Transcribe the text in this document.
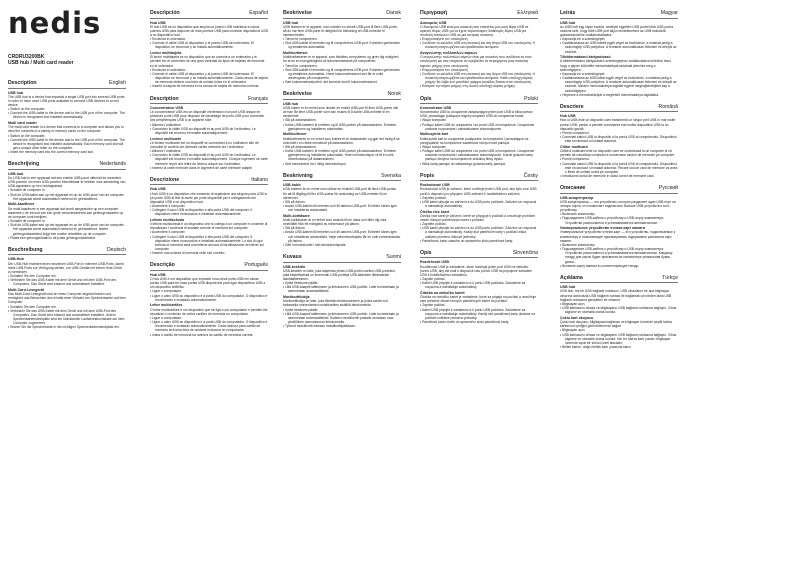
nedis
CRDRU3200BK
USB hub / Multi card reader
Description	English
USB hub

The USB hub is a device that expands a single USB port into several USB ports in order to have more USB ports available to connect USB devices to a host device.

• Switch on the computer.
• Connect the USB cable to the device and to the USB port of the computer. The device is recognised and installed automatically.
Multi card reader

The multi card reader is a device that connects to a computer and allows you to view the contents of a variety of memory cards on the computer.

• Switch on the computer.
• Connect the USB cable to the device and to the USB port of the computer. The device is recognised and installed automatically. Each memory card slot will get a unique drive letter on the computer.
• Insert the memory card into the correct memory card slot.
Beschrijving	Nederlands
USB-hub

De USB-hub is een apparaat dat een enkele USB-poort uitbreidt tot meerdere USB-poorten om meer USB-poorten beschikbaar te hebben voor aansluiting van USB-apparaten op een hostapparaat.

• Schakel de computer in.
• Sluit de USB-kabel aan op het apparaat en op de USB-poort van de computer. Het apparaat wordt automatisch herkend en geïnstalleerd.
Multi-kaartlezer

De multi-kaartlezer is een apparaat dat wordt aangesloten op een computer waarmee u de inhoud van een grote verscheidenheid aan geheugenkaarten op de computer kunt bekijken.

• Schakel de computer in.
• Sluit de USB-kabel aan op het apparaat en op de USB-poort van de computer. Het apparaat wordt automatisch herkend en geïnstalleerd. Iedere geheugenkaartsleuf krijgt een unieke driveletter op de computer.
• Plaats een geheugenkaart in de juiste geheugenkaartsleuf.
Beschreibung	Deutsch
USB-Hub

Der USB-Hub erweitert einen einzelnen USB-Port in mehrere USB-Ports, damit mehr USB-Ports zur Verfügung stehen, um USB-Geräte mit einem Host-Gerät zu verbinden.

• Schalten Sie den Computer ein.
• Verbinden Sie das USB-Kabel mit dem Gerät und mit dem USB-Port des Computers. Das Gerät wird erkannt und automatisch installiert.
Multi-Card-Lesegerät

Das Multi-Card-Lesegerät wird an einen Computer angeschlossen und ermöglicht das Betrachten des Inhalts einer Vielzahl von Speicherkarten auf dem Computer.

• Schalten Sie den Computer ein.
• Verbinden Sie das USB-Kabel mit dem Gerät und mit dem USB-Port des Computers. Das Gerät wird erkannt und automatisch installiert. Jedem Speicherkartensteckplatz wird ein individueller Laufwerksbuchstabe auf dem Computer zugeordnet.
• Setzen Sie die Speicherkarte in den richtigen Speicherkartensteckplatz ein.
Descripción	Español
Hub USB

El hub USB es un dispositivo que amplía un puerto USB individual a varios puertos USB para disponer de más puertos USB para conectar dispositivos USB a un dispositivo host.

• Encienda el ordenador.
• Conecte el cable USB al dispositivo y al puerto USB del ordenador. El dispositivo se reconoce y se instala automáticamente.
Lector multitarjeta

El lector multitarjeta es un dispositivo que se conecta a un ordenador y le permite ver el contenido de una gran variedad de tipos de tarjetas de memoria en el ordenador.

• Encienda el ordenador.
• Conecte el cable USB al dispositivo y al puerto USB del ordenador. El dispositivo se reconoce y se instala automáticamente. Cada ranura de tarjeta de memoria obtiene una letra de unidad única en el ordenador.
• Inserte la tarjeta de memoria en la ranura de tarjeta de memoria correcta.
Description	Français
Concentrateur USB

Le concentrateur USB est un dispositif d'extension d'un port USB unique en plusieurs ports USB pour disposer de davantage de ports USB pour connecter des périphériques USB à un appareil hôte.

• Allumez l'ordinateur.
• Connectez le câble USB au dispositif et au port USB de l'ordinateur. Le dispositif est reconnu et installé automatiquement.
Lecteur multicarte

Le lecteur multicarte est un dispositif se connectant à un ordinateur afin de consulter le contenu de diverses cartes mémoire sur l'ordinateur.

• Allumez l'ordinateur.
• Connectez le câble USB au dispositif et au port USB de l'ordinateur. Le dispositif est reconnu et installé automatiquement. Chaque logement de carte mémoire reçoit une lettre de lecteur unique sur l'ordinateur.
• Insérez la carte mémoire dans le logement de carte mémoire adapté.
Descrizione	Italiano
Hub USB

L'hub USB è un dispositivo che consente di espandere una singola porta USB in più porte USB al fine di avere più porte disponibili per il collegamento dei dispositivi USB a un dispositivo host.

• Accendere il computer.
• Collegare il cavo USB al dispositivo e alla porta USB del computer. Il dispositivo viene riconosciuto e installato automaticamente.
Lettore multischeda

Il lettore multischeda è un dispositivo che si collega a un computer e consente di visualizzare i contenuti di svariate schede di memoria sul computer.

• Accendere il computer.
• Collegare il cavo USB al dispositivo e alla porta USB del computer. Il dispositivo viene riconosciuto e installato automaticamente. Lo slot di ogni scheda di memoria avrà una lettera univoca di identificazione del driver sul computer.
• Inserire una scheda di memoria nello slot corretto.
Descrição	Português
Hub USB

O hub USB é um dispositivo que expande uma única porta USB em várias portas USB para ter mais portas USB disponíveis para ligar dispositivos USB a um dispositivo anfitrião.

• Ligue o computador.
• Ligue o cabo USB ao dispositivo e à porta USB do computador. O dispositivo é reconhecido e instalado automaticamente.
Leitor multicartões

O leitor multicartões é um dispositivo que se liga a um computador e permite-lhe visualizar o conteúdo de vários cartões de memória no computador.

• Ligue o computador.
• Ligue o cabo USB ao dispositivo e à porta USB do computador. O dispositivo é reconhecido e instalado automaticamente. Cada ranhura para cartão de memória terá uma letra de unidade exclusiva no computador.
• Insira o cartão de memória na ranhura do cartão de memória correta.
Beskrivelse	Dansk
USB hub

USB hubben er et apparat, som udvider en enkelt USB-port til flere USB-porte, så du har flere USB-porte til rådighed for tilslutning af USB-enheder til værtsenheden.

• Tænd for computeren.
• Slut USB-kablet til enheden og til computerens USB-port. Enheden genkendes og installeres automatisk.
Multikortlæser

Multikortlæseren er et apparat, som tilsluttes computeren og giver dig mulighed for at se en mangfoldighed af hukommelseskort på computeren.

• Tænd for computeren.
• Slut USB-kablet til enheden og til computerens USB-port. Enheden genkendes og installeres automatisk. Hvert hukommelseskort slot får et unikt drevbogstav på computeren.
• Sæt hukommelseskortet i det korrekte slot til hukommelseskort.
Beskrivelse	Norsk
USB hub

USB-huben er en enhet som utvider en enkelt USB-port til flere USB-porter slik at man får flere USB-porter som kan brukes til å koble USB-enheter til en vertsenhet.

• Slå på datamaskinen.
• Koble USB-kabelen til enheten og til USB-porten på datamaskinen. Enheten gjenkjennes og installeres automatisk.
Multikortleser

Multikortleseren er en enhet som kobles til en datamaskin og gjør det mulig å se innholdet i en rekke minnekort på datamaskinen.

• Slå på datamaskinen.
• Koble USB-kabelen til enheten og til USB-porten på datamaskinen. Enheten gjenkjennes og installeres automatisk. Hvert minnekortspor vil få en unik driverbokstav på datamaskinen.
• Sett minnekortet inn i riktig minnekortspor.
Beskrivning	Svenska
USB-hubb

USB-hubben är en enhet som utökar en enskild USB-port till flera USB-portar, för att få tillgång till fler USB-portar för anslutning av USB-enheter till en värdenhet.

• Slå på datorn.
• Anslut USB-kabeln till enheten och till datorns USB-port. Enheten känns igen och installeras automatiskt.
Multi-kortläsare

Multi-kortläsaren är en enhet som ansluts till en dator och låter dig visa innehållet från ett mångfald av minneskort på datorn.

• Slå på datorn.
• Anslut USB-kabeln till enheten och till datorns USB-port. Enheten känns igen och installeras automatiskt. Varje minneskortsplats får en unik enhetsbokstav på datorn.
• Sätt i minneskortet i rätt minneskortsplats.
Kuvaus	Suomi
USB-keskitin

USB-keskitin on laite, joka laajentaa yhden USB-portin useiksi USB-porteiksi, jotta käytettävissä on enemmän USB-portteja USB-laitteiden liittämiseksi isäntälaitteeseen.

• Kytke tietokone päälle.
• Liitä USB-kaapeli laitteeseen ja tietokoneen USB-porttiin. Laite tunnistetaan ja asennetaan automaattisesti.
Monikorttilukija

Monikorttilukija on laite, joka liitetään tietokoneeseen ja jonka avulla voit tarkastella monenlaisten muistikorttien sisältöä tietokoneella.

• Kytke tietokone päälle.
• Liitä USB-kaapeli laitteeseen ja tietokoneen USB-porttiin. Laite tunnistetaan ja asennetaan automaattisesti. Kullekin muistikortin paikalle annetaan oma yksilöllinen asematunnus tietokoneella.
• Työnnä muistikortti oikeaan muistikorttipaikkaan.
Περιγραφή	Ελληνικά
Διανομέας USB

Ο διανομέας USB είναι μια συσκευή που επεκτείνει μια μονή θύρα USB σε αρκετές θύρες USB για να έχετε περισσότερες διαθέσιμες θύρες USB για σύνδεση συσκευών USB σε μια κεντρική συσκευή.

• Ενεργοποιήστε τον υπολογιστή.
• Συνδέστε το καλώδιο USB στη συσκευή και στη θύρα USB του υπολογιστή. Η συσκευή αναγνωρίζεται και εγκαθίσταται αυτόματα.
Αναγνώστης πολλαπλών καρτών

Ο αναγνώστης πολλαπλών καρτών είναι μια συσκευή που συνδέεται σε έναν υπολογιστή και σας επιτρέπει να προβάλετε τα περιεχόμενα μιας ποικιλίας καρτών μνήμης στον υπολογιστή.

• Ενεργοποιήστε τον υπολογιστή.
• Συνδέστε το καλώδιο USB στη συσκευή και στη θύρα USB του υπολογιστή. Η συσκευή αναγνωρίζεται και εγκαθίσταται αυτόματα. Κάθε υποδοχή κάρτας μνήμης θα λάβει ένα μοναδικό γράμμα μονάδας δίσκου στον υπολογιστή.
• Εισάγετε την κάρτα μνήμης στη σωστή υποδοχή κάρτας μνήμης.
Opis	Polski
Koncentrator USB

Koncentrator USB to urządzenie zwiększające jeden port USB w kilka portów USB, pozwalając podłączyć więcej urządzeń USB do urządzenia hosta.

• Włącz komputer.
• Podłącz kabel USB do urządzenia i do portu USB w komputerze. Urządzenie zostanie rozpoznane i zainstalowane automatycznie.
Multiczytnik kart

Multiczytnik kart to urządzenie podłączane do komputera i pozwalające na przeglądanie na komputerze zawartości różnych kart pamięci.

• Włącz komputer.
• Podłącz kabel USB do urządzenia i do portu USB w komputerze. Urządzenie zostanie rozpoznane i zainstalowane automatycznie. Każde gniazdo karty pamięci otrzyma na komputerze unikalną literę dysku.
• Włóż kartę pamięci do właściwego gniazda karty pamięci.
Popis	Česky
Rozbočovač USB

Rozbočovač USB je zařízení, které rozšiřuje jeden USB port, aby bylo více USB portů k dispozici pro připojení USB zařízení k hostitelskému zařízení.

• Zapněte počítač.
• USB kabel připojte do zařízení a do USB portu počítače. Zařízení se rozpozná a nainstaluje automaticky.
Čtečka více karet

Čtečka více karet je zařízení, které se připojuje k počítači a umožňuje prohlížet obsah různých paměťových karet v počítači.

• Zapněte počítač.
• USB kabel připojte do zařízení a do USB portu počítače. Zařízení se rozpozná a nainstaluje automaticky. Každý slot paměťové karty v počítači získá unikátní písmeno diskové jednotky.
• Paměťovou kartu zasuňte do správného slotu paměťové karty.
Opis	Slovenčina
Rozdeľovač USB

Rozdeľovač USB je zariadenie, ktoré rozširuje jeden port USB na niekoľko portov USB, aby ste mali k dispozícii viac portov USB na pripojenie zariadení USB k hostiteľskému zariadeniu.

• Zapnite počítač.
• Kábel USB pripojte k zariadeniu a k portu USB počítača. Zariadenie sa rozpozná a nainštaluje automaticky.
Čítačka na niekoľko kariet

Čítačka na niekoľko kariet je zariadenie, ktoré sa pripája na počítač a umožňuje vám prezerať obsah rôznych pamäťových kariet na počítači.

• Zapnite počítač.
• Kábel USB pripojte k zariadeniu a k portu USB počítača. Zariadenie sa rozpozná a nainštaluje automaticky. Každý slot pamäťovej karty dostane na počítači unikátne písmeno jednotky.
• Pamäťovú kartu vložte do správneho slotu pamäťovej karty.
Leírás	Magyar
USB hub

Az USB hub egy olyan eszköz, amellyel egyetlen USB portot több USB portra osztunk szét, hogy több USB port álljon rendelkezésre az USB eszközök gazdaeszközhöz csatlakoztatására.

• Kapcsolja be a számítógépet.
• Csatlakoztassa az USB kábelt egyik végét az eszközhöz, a másikat pedig a számítógép USB portjához. A rendszer automatikusan felismeri és telepíti az eszközt.
Többformátumú kártyaolvasó

A többformátumú kártyaolvasó számítógéphez csatlakoztatva lehetővé teszi, hogy a gépen különféle memóriakártyák tartalmát jelenítse meg a számítógépen.

• Kapcsolja be a számítógépet.
• Csatlakoztassa az USB kábel egyik végét az eszközhöz, a másikat pedig a számítógép USB portjához. A rendszer automatikusan felismeri és telepíti az eszközt. Minden memóriakártya-foglalat egyedi meghajtóbetűjelet kap a számítógépen.
• Helyezze a memóriakártyát a megfelelő memóriakártya-foglalatba.
Descriere	Română
Hub USB

Hub-ul USB este un dispozitiv care transformă un singur port USB în mai multe porturi USB, pentru a permite conectarea mai multor dispozitive USB la un dispozitiv gazdă.

• Porniți computerul.
• Conectați cablul USB la dispozitiv și la portul USB al computerului. Dispozitivul este recunoscut și instalat automat.
Cititor multicard

Cititorul multicard este un dispozitiv care se conectează la un computer și vă permite să vizualizați conținutul a numeroase carduri de memorie pe computer.

• Porniți computerul.
• Conectați cablul USB la dispozitiv și la portul USB al computerului. Dispozitivul este recunoscut și instalat automat. Fiecare slot de card de memorie va avea o literă de unitate unică pe computer.
• Introduceți cardul de memorie în slotul corect de memorie card.
Описание	Русский
USB-концентратор

USB-концентратор — это устройство, которое разделяет один USB-порт на четыре порта, что позволяет подключить больше USB-устройств к хост-устройству.

• Включите компьютер.
• Подсоедините USB-кабель к устройству и USB-порту компьютера. Устройство распознается и устанавливается автоматически.
Универсальное устройство чтения карт памяти

Универсальное устройство чтения карт — это устройство, подключаемое к компьютеру и позволяющее просматривать содержимое различных карт памяти.

• Включите компьютер.
• Подсоедините USB-кабель к устройству и USB-порту компьютера. Устройство распознается и устанавливается автоматически. Каждому гнезду для карты будет присвоена на компьютере уникальная буква диска.
• Вставьте карту памяти в соответствующее гнездо.
Açıklama	Türkçe
USB hub

USB hub, tek bir USB bağlantı noktasını, USB cihazlarını bir ana bilgisayar cihazına daha fazla USB bağlantı noktası ile bağlamak için birden fazla USB bağlantı noktasına genişleten bir cihazdır.

• Bilgisayarı açın.
• USB kablosunu cihaza ve bilgisayarın USB bağlantı noktasına bağlayın. Cihaz algılanır ve otomatik olarak kurulur.
Çoklu kart okuyucu

Çoklu kart okuyucu, bilgisayara bağlanan ve bilgisayar üzerinde çeşitli hafıza kartlarının içeriğini görüntülemenizi sağlar.

• Bilgisayarı açın.
• USB kablosunu cihaza ve bilgisayarın USB bağlantı noktasına bağlayın. Cihaz algılanır ve otomatik olarak kurulur. Her bir hafıza kartı yuvası, bilgisayar üzerinde eşsiz bir sürücü harfi alacaktır.
• Bellek kartını, doğru bellek kartı yuvasına takın.
